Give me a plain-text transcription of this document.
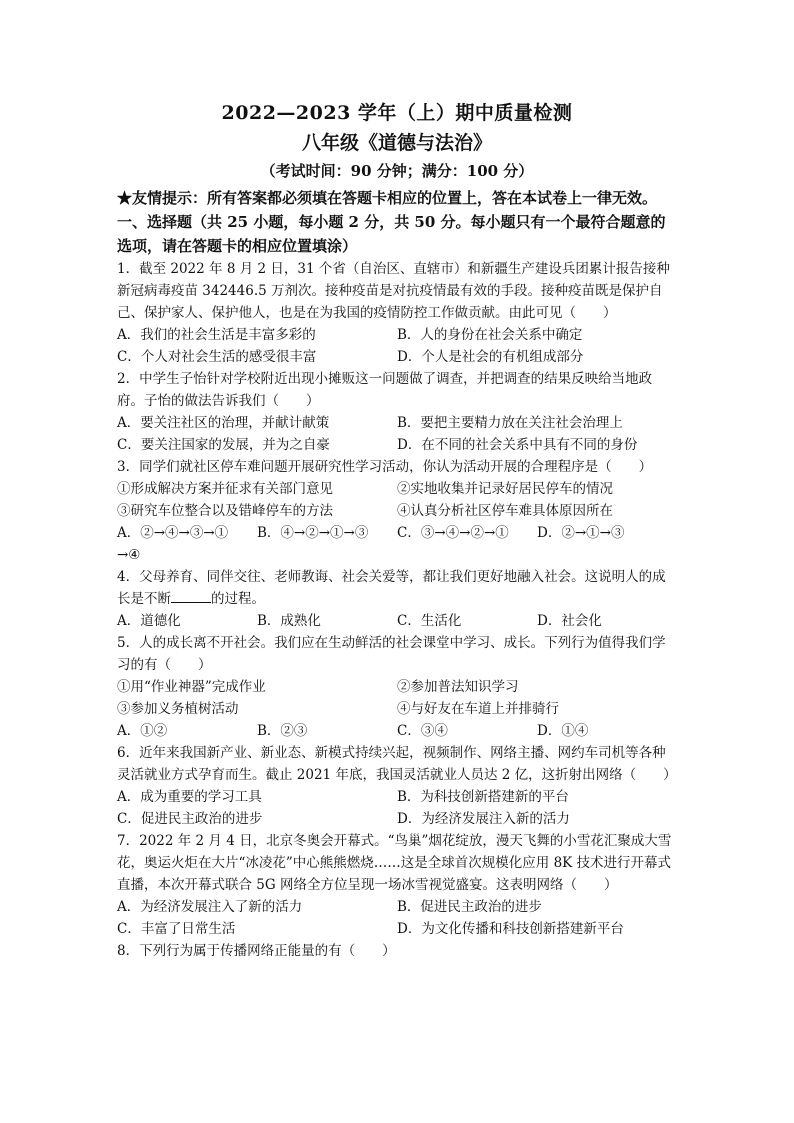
2022—2023 学年（上）期中质量检测
八年级《道德与法治》
（考试时间：90 分钟；满分：100 分）

★友情提示：所有答案都必须填在答题卡相应的位置上，答在本试卷上一律无效。

一、选择题（共 25 小题，每小题 2 分，共 50 分。每小题只有一个最符合题意的选项，请在答题卡的相应位置填涂）

1．截至 2022 年 8 月 2 日，31 个省（自治区、直辖市）和新疆生产建设兵团累计报告接种新冠病毒疫苗 342446.5 万剂次。接种疫苗是对抗疫情最有效的手段。接种疫苗既是保护自己、保护家人、保护他人，也是在为我国的疫情防控工作做贡献。由此可见（　　）

A．我们的社会生活是丰富多彩的	B．人的身份在社会关系中确定
C．个人对社会生活的感受很丰富	D．个人是社会的有机组成部分

2．中学生子怡针对学校附近出现小摊贩这一问题做了调查，并把调查的结果反映给当地政府。子怡的做法告诉我们（　　）

A．要关注社区的治理，并献计献策	B．要把主要精力放在关注社会治理上
C．要关注国家的发展，并为之自豪	D．在不同的社会关系中具有不同的身份

3．同学们就社区停车难问题开展研究性学习活动，你认为活动开展的合理程序是（　　）

①形成解决方案并征求有关部门意见	②实地收集并记录好居民停车的情况
③研究车位整合以及错峰停车的方法	④认真分析社区停车难具体原因所在
A．②→④→③→①	B．④→②→①→③	C．③→④→②→①	D．②→①→③

→④

4．父母养育、同伴交往、老师教诲、社会关爱等，都让我们更好地融入社会。这说明人的成长是不断	的过程。

A．道德化	B．成熟化	C．生活化	D．社会化

5．人的成长离不开社会。我们应在生动鲜活的社会课堂中学习、成长。下列行为值得我们学习的有（　　）

①用“作业神器”完成作业	②参加普法知识学习
③参加义务植树活动	④与好友在车道上并排骑行
A．①②	B．②③	C．③④	D．①④

6．近年来我国新产业、新业态、新模式持续兴起，视频制作、网络主播、网约车司机等各种灵活就业方式孕育而生。截止 2021 年底，我国灵活就业人员达 2 亿，这折射出网络（　　）

A．成为重要的学习工具	B．为科技创新搭建新的平台
C．促进民主政治的进步	D．为经济发展注入新的活力

7．2022 年 2 月 4 日，北京冬奥会开幕式。“鸟巢”烟花绽放，漫天飞舞的小雪花汇聚成大雪花，奥运火炬在大片“冰凌花”中心熊熊燃烧……这是全球首次规模化应用 8K 技术进行开幕式直播，本次开幕式联合 5G 网络全方位呈现一场冰雪视觉盛宴。这表明网络（　　）

A．为经济发展注入了新的活力	B．促进民主政治的进步
C．丰富了日常生活	D．为文化传播和科技创新搭建新平台

8．下列行为属于传播网络正能量的有（　　）
